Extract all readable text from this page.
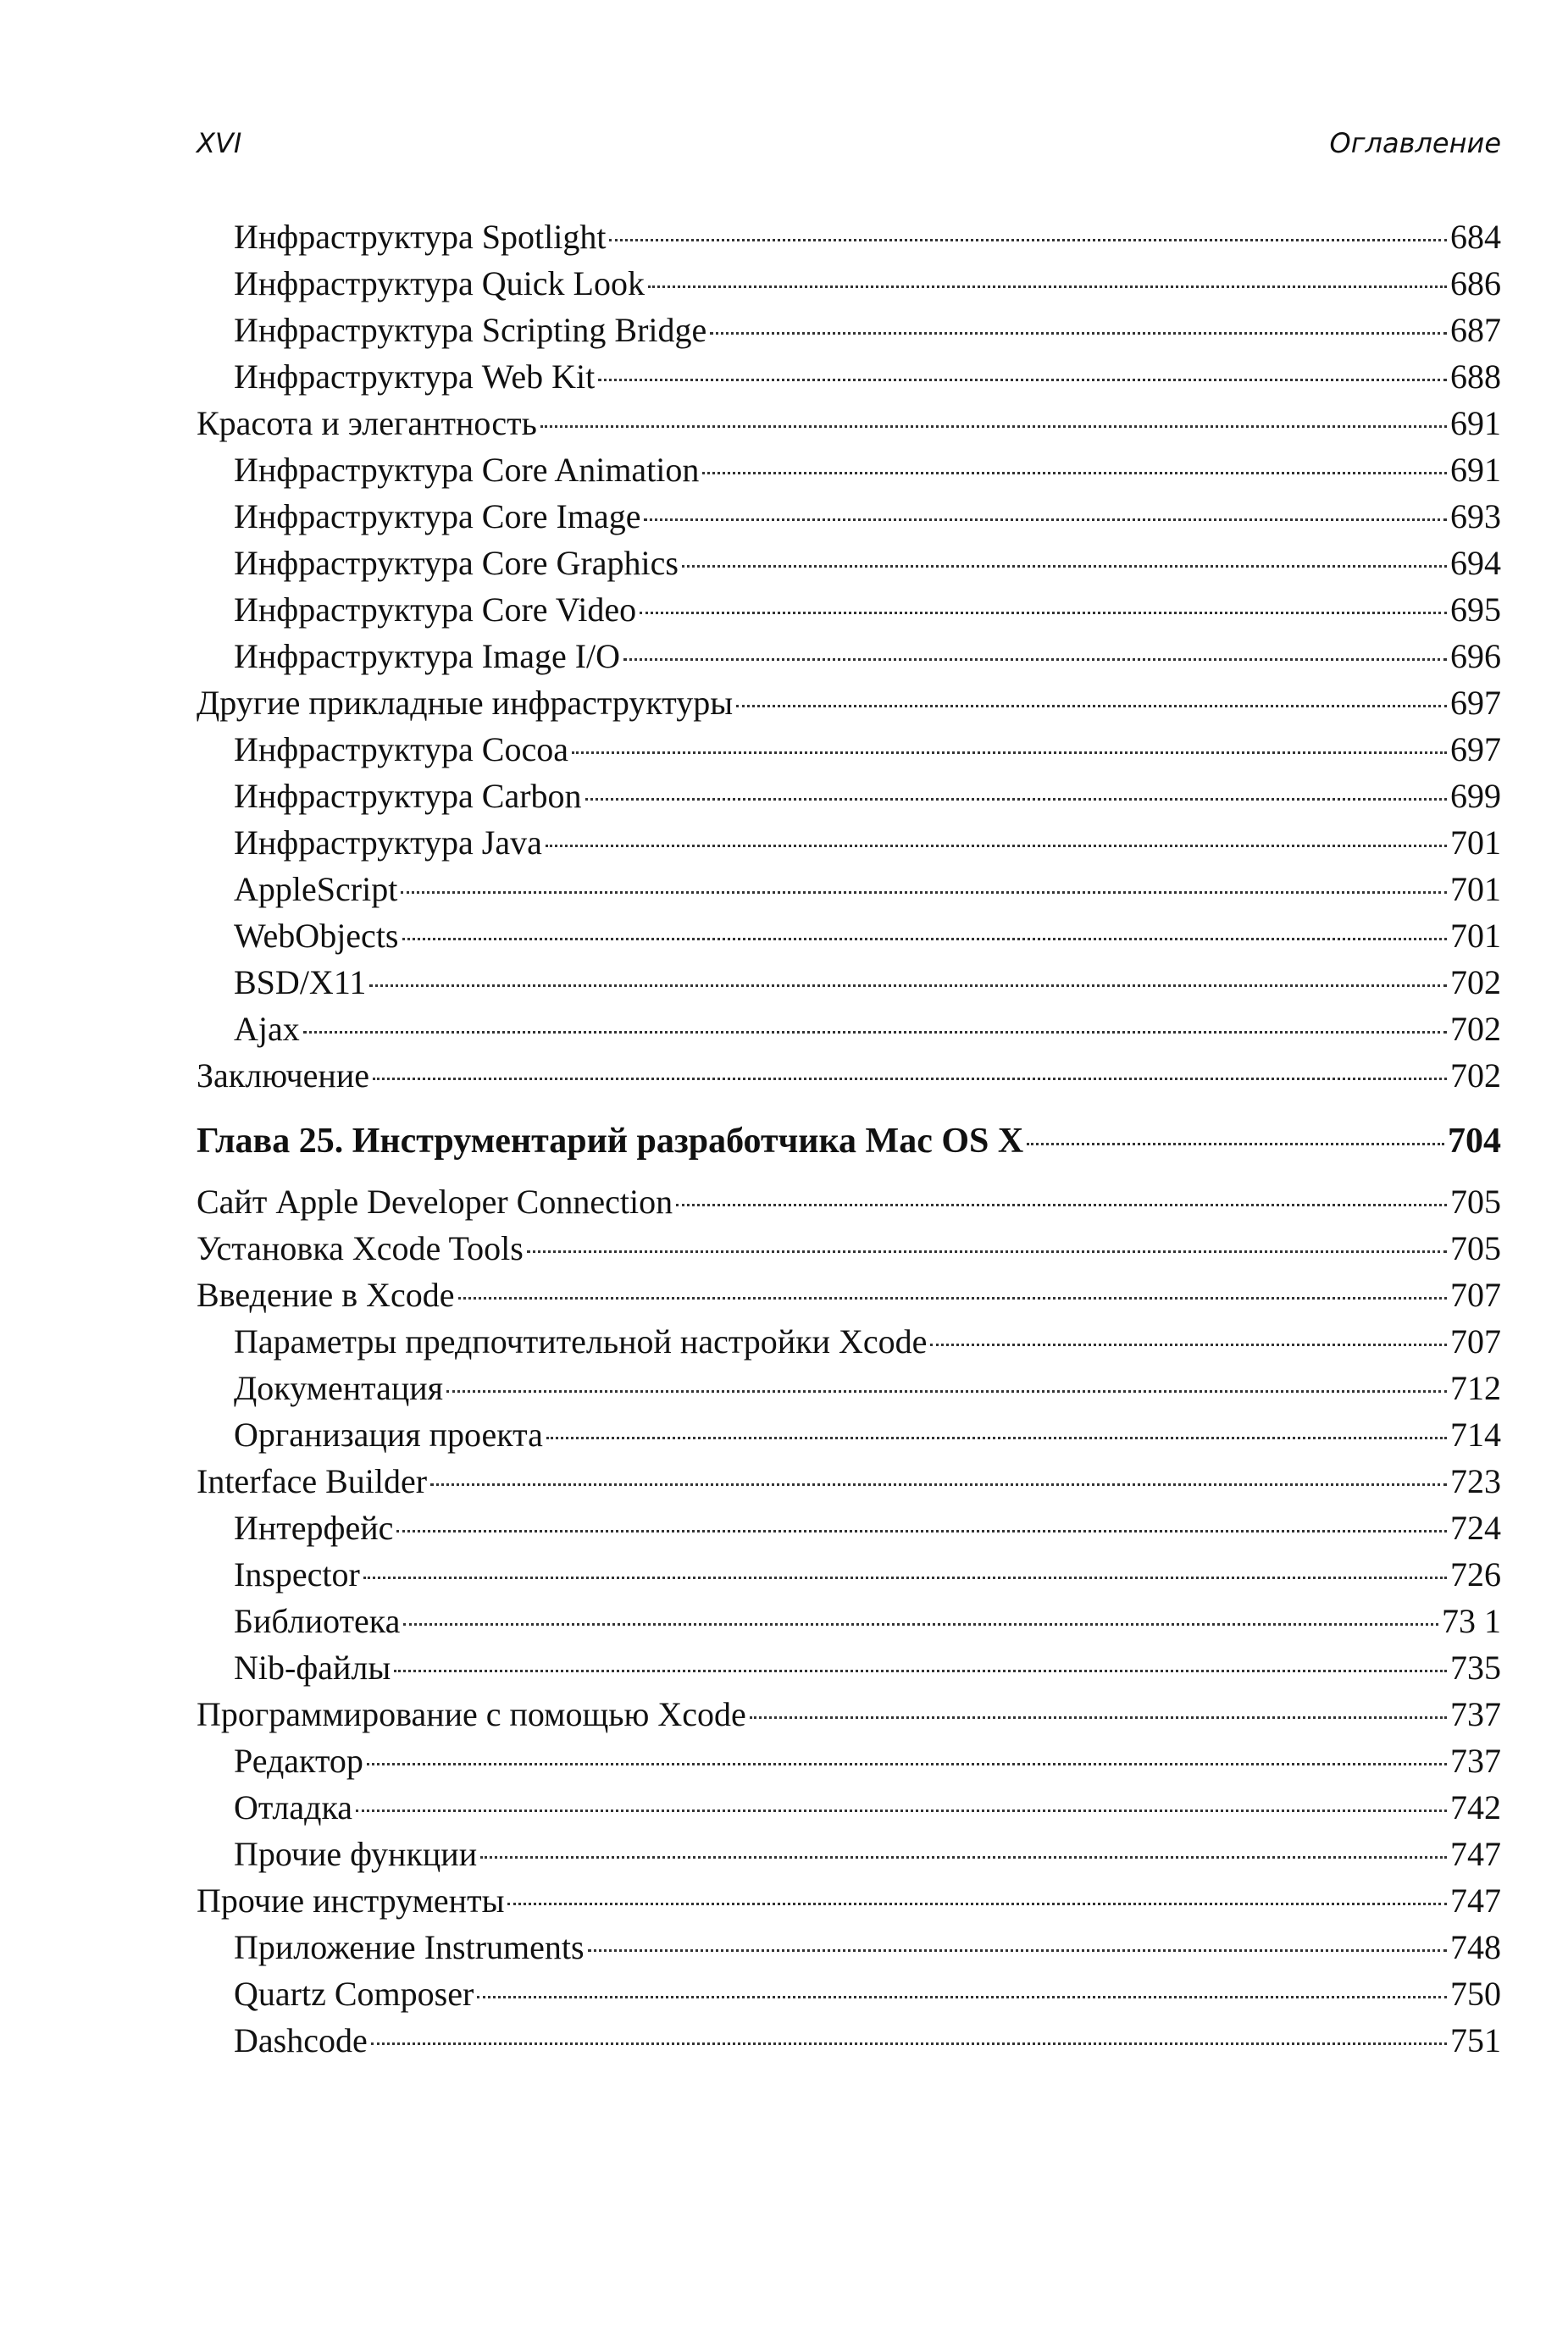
XVI	Оглавление
Инфраструктура Spotlight	684
Инфраструктура Quick Look	686
Инфраструктура Scripting Bridge	687
Инфраструктура Web Kit	688
Красота и элегантность	691
Инфраструктура Core Animation	691
Инфраструктура Core Image	693
Инфраструктура Core Graphics	694
Инфраструктура Core Video	695
Инфраструктура Image I/O	696
Другие прикладные инфраструктуры	697
Инфраструктура Cocoa	697
Инфраструктура Carbon	699
Инфраструктура Java	701
AppleScript	701
WebObjects	701
BSD/X11	702
Ajax	702
Заключение	702
Глава 25. Инструментарий разработчика Mac OS X	704
Сайт Apple Developer Connection	705
Установка Xcode Tools	705
Введение в Xcode	707
Параметры предпочтительной настройки Xcode	707
Документация	712
Организация проекта	714
Interface Builder	723
Интерфейс	724
Inspector	726
Библиотека	73 1
Nib-файлы	735
Программирование с помощью Xcode	737
Редактор	737
Отладка	742
Прочие функции	747
Прочие инструменты	747
Приложение Instruments	748
Quartz Composer	750
Dashcode	751
